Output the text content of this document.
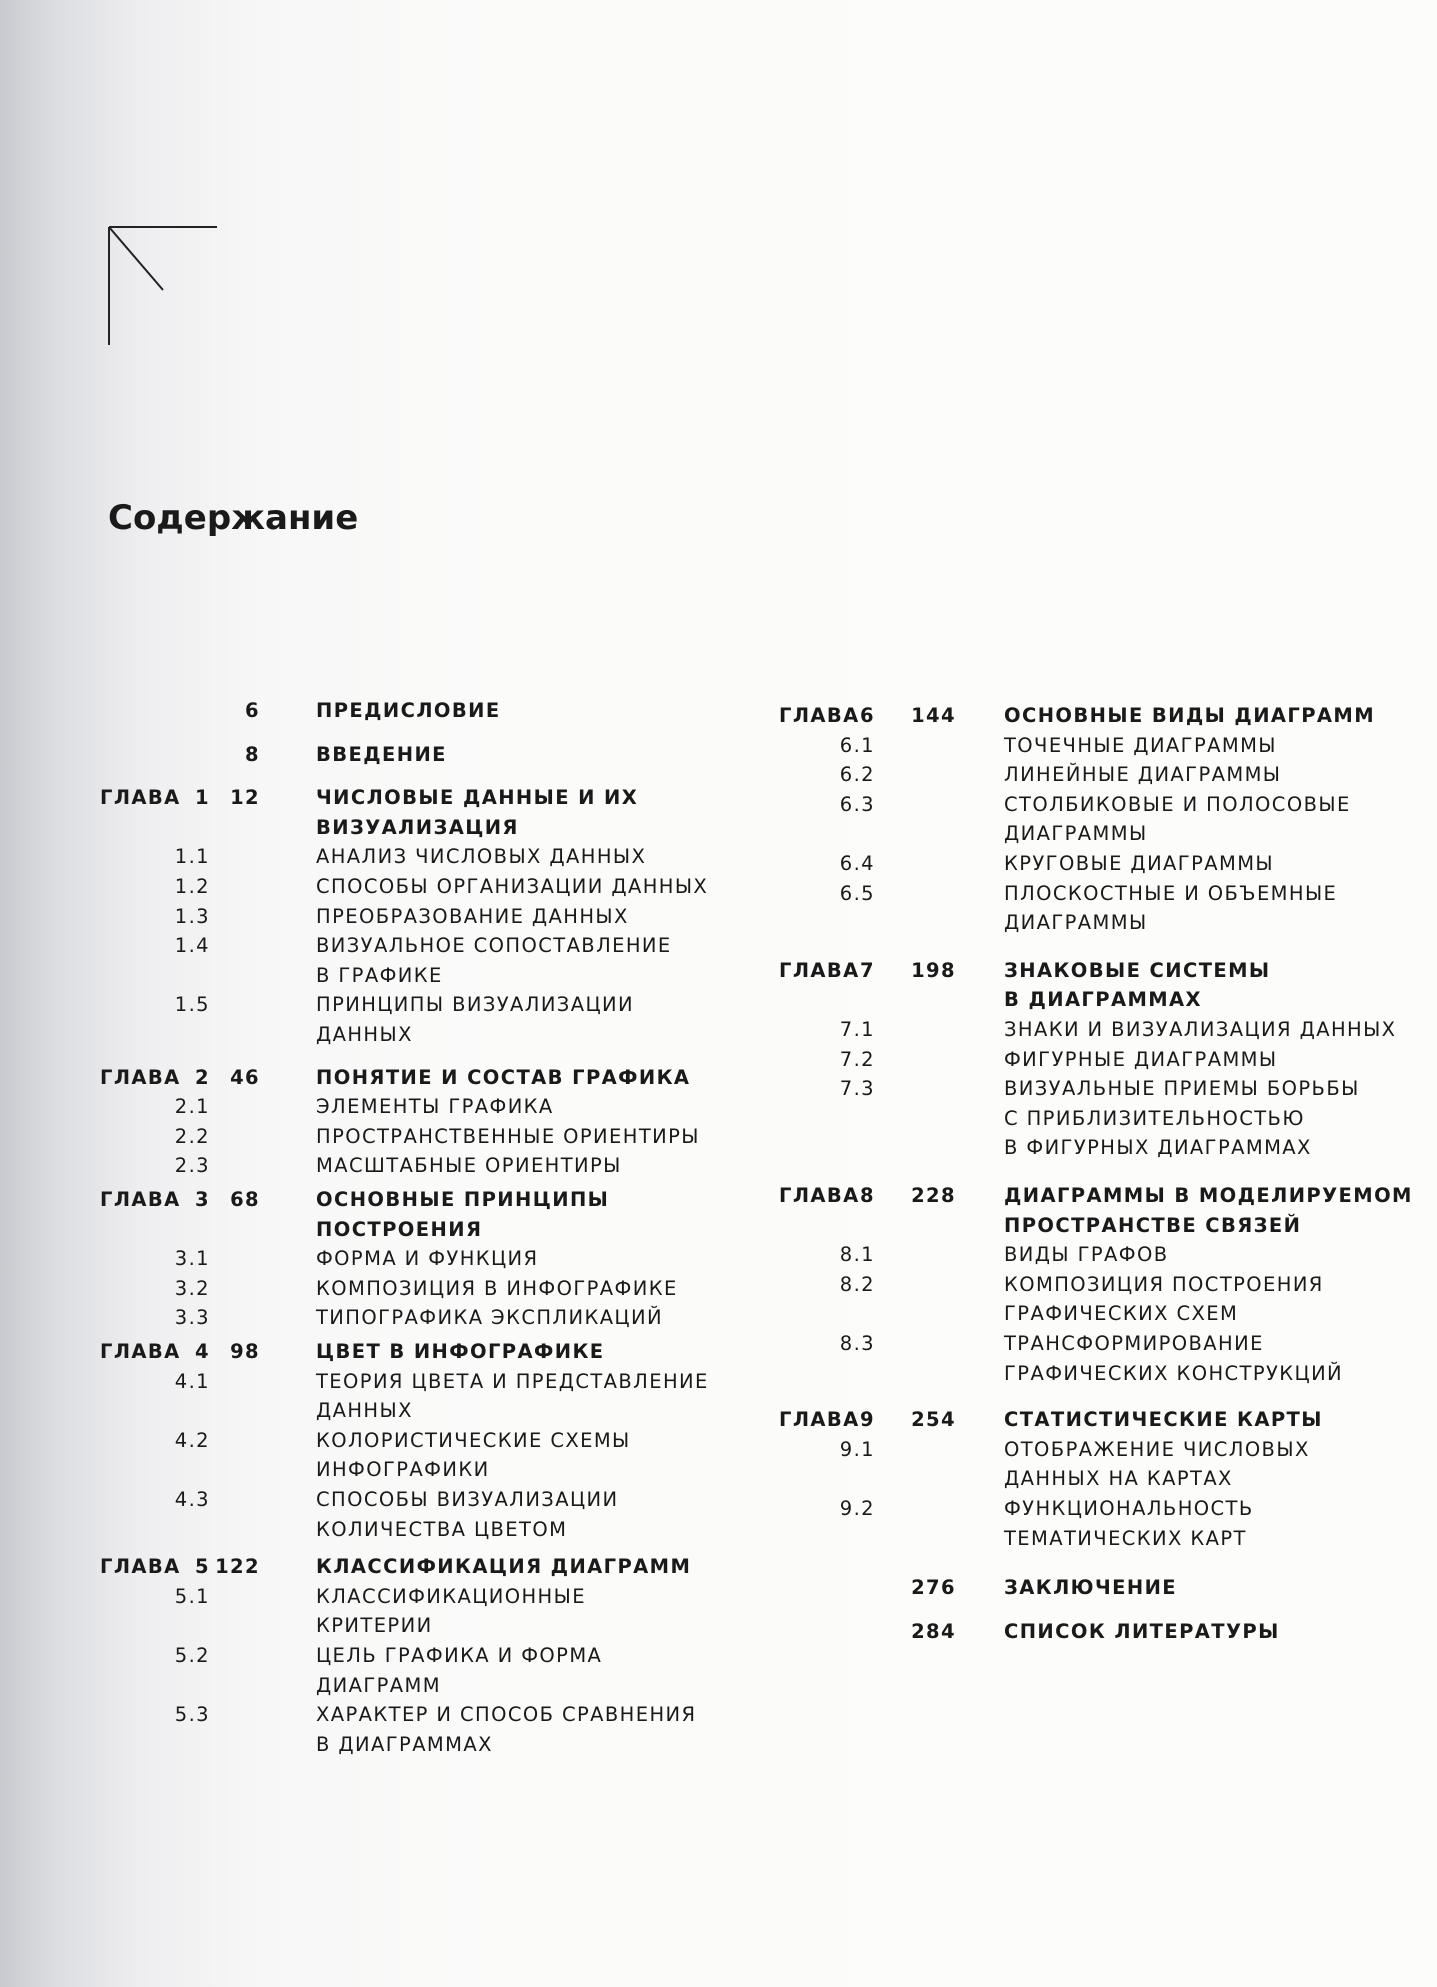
Содержание
6	ПРЕДИСЛОВИЕ
8	ВВЕДЕНИЕ
ГЛАВА 1	12	ЧИСЛОВЫЕ ДАННЫЕ И ИХ
ВИЗУАЛИЗАЦИЯ
1.1	АНАЛИЗ ЧИСЛОВЫХ ДАННЫХ
1.2	СПОСОБЫ ОРГАНИЗАЦИИ ДАННЫХ
1.3	ПРЕОБРАЗОВАНИЕ ДАННЫХ
1.4	ВИЗУАЛЬНОЕ СОПОСТАВЛЕНИЕ
В ГРАФИКЕ
1.5	ПРИНЦИПЫ ВИЗУАЛИЗАЦИИ
ДАННЫХ
ГЛАВА 2	46	ПОНЯТИЕ И СОСТАВ ГРАФИКА
2.1	ЭЛЕМЕНТЫ ГРАФИКА
2.2	ПРОСТРАНСТВЕННЫЕ ОРИЕНТИРЫ
2.3	МАСШТАБНЫЕ ОРИЕНТИРЫ
ГЛАВА 3	68	ОСНОВНЫЕ ПРИНЦИПЫ
ПОСТРОЕНИЯ
3.1	ФОРМА И ФУНКЦИЯ
3.2	КОМПОЗИЦИЯ В ИНФОГРАФИКЕ
3.3	ТИПОГРАФИКА ЭКСПЛИКАЦИЙ
ГЛАВА 4	98	ЦВЕТ В ИНФОГРАФИКЕ
4.1	ТЕОРИЯ ЦВЕТА И ПРЕДСТАВЛЕНИЕ
ДАННЫХ
4.2	КОЛОРИСТИЧЕСКИЕ СХЕМЫ
ИНФОГРАФИКИ
4.3	СПОСОБЫ ВИЗУАЛИЗАЦИИ
КОЛИЧЕСТВА ЦВЕТОМ
ГЛАВА 5 122	КЛАССИФИКАЦИЯ ДИАГРАММ
5.1	КЛАССИФИКАЦИОННЫЕ
КРИТЕРИИ
5.2	ЦЕЛЬ ГРАФИКА И ФОРМА
ДИАГРАММ
5.3	ХАРАКТЕР И СПОСОБ СРАВНЕНИЯ
В ДИАГРАММАХ
ГЛАВА 6	144 ОСНОВНЫЕ ВИДЫ ДИАГРАММ
6.1	ТОЧЕЧНЫЕ ДИАГРАММЫ
6.2	ЛИНЕЙНЫЕ ДИАГРАММЫ
6.3	СТОЛБИКОВЫЕ И ПОЛОСОВЫЕ
ДИАГРАММЫ
6.4	КРУГОВЫЕ ДИАГРАММЫ
6.5	ПЛОСКОСТНЫЕ И ОБЪЕМНЫЕ
ДИАГРАММЫ
ГЛАВА 7	198 ЗНАКОВЫЕ СИСТЕМЫ
В ДИАГРАММАХ
7.1	ЗНАКИ И ВИЗУАЛИЗАЦИЯ ДАННЫХ
7.2	ФИГУРНЫЕ ДИАГРАММЫ
7.3	ВИЗУАЛЬНЫЕ ПРИЕМЫ БОРЬБЫ
С ПРИБЛИЗИТЕЛЬНОСТЬЮ
В ФИГУРНЫХ ДИАГРАММАХ
ГЛАВА 8	228 ДИАГРАММЫ В МОДЕЛИРУЕМОМ
ПРОСТРАНСТВЕ СВЯЗЕЙ
8.1	ВИДЫ ГРАФОВ
8.2	КОМПОЗИЦИЯ ПОСТРОЕНИЯ
ГРАФИЧЕСКИХ СХЕМ
8.3	ТРАНСФОРМИРОВАНИЕ
ГРАФИЧЕСКИХ КОНСТРУКЦИЙ
ГЛАВА 9	254 СТАТИСТИЧЕСКИЕ КАРТЫ
9.1	ОТОБРАЖЕНИЕ ЧИСЛОВЫХ
ДАННЫХ НА КАРТАХ
9.2	ФУНКЦИОНАЛЬНОСТЬ
ТЕМАТИЧЕСКИХ КАРТ
276 ЗАКЛЮЧЕНИЕ
284 СПИСОК ЛИТЕРАТУРЫ
